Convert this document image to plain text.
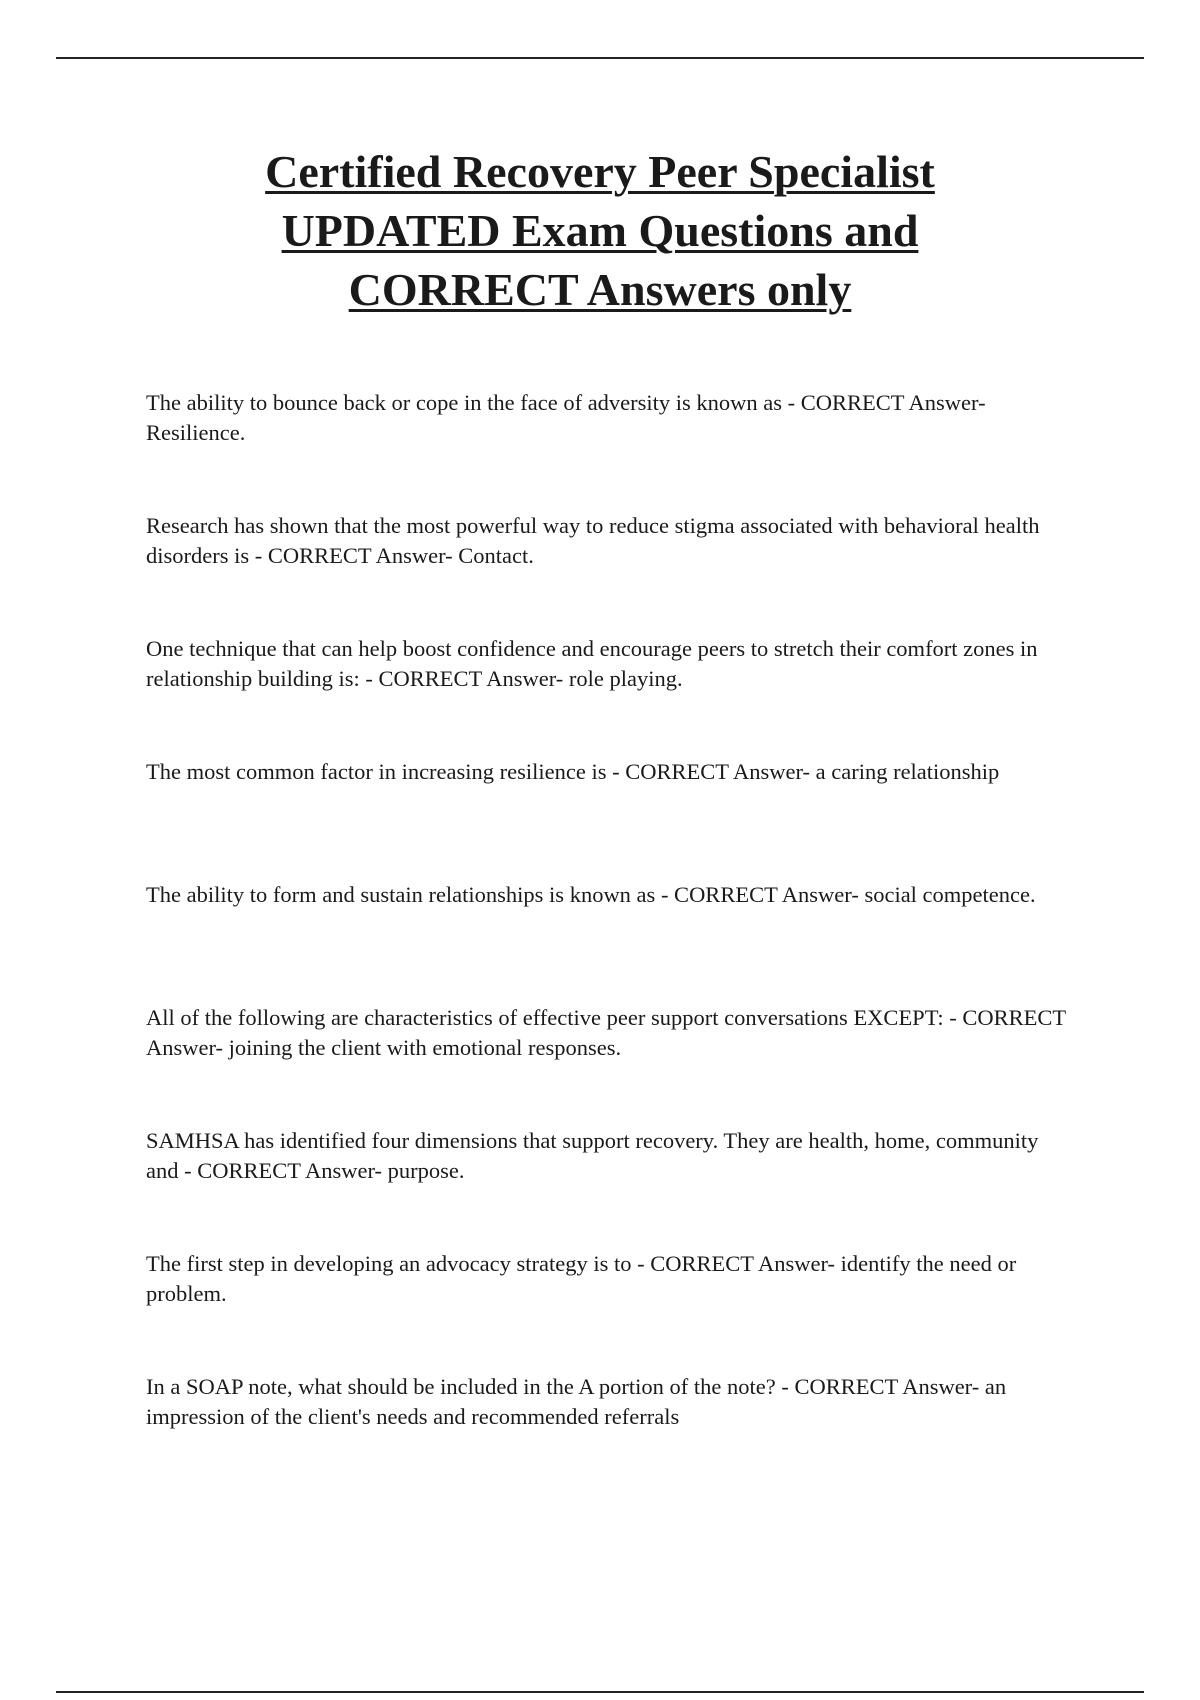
Certified Recovery Peer Specialist
UPDATED Exam Questions and
CORRECT Answers only

The ability to bounce back or cope in the face of adversity is known as - CORRECT Answer- Resilience.

Research has shown that the most powerful way to reduce stigma associated with behavioral health disorders is - CORRECT Answer- Contact.

One technique that can help boost confidence and encourage peers to stretch their comfort zones in relationship building is: - CORRECT Answer- role playing.

The most common factor in increasing resilience is - CORRECT Answer- a caring relationship

The ability to form and sustain relationships is known as - CORRECT Answer- social competence.

All of the following are characteristics of effective peer support conversations EXCEPT: - CORRECT Answer- joining the client with emotional responses.

SAMHSA has identified four dimensions that support recovery. They are health, home, community and - CORRECT Answer- purpose.

The first step in developing an advocacy strategy is to - CORRECT Answer- identify the need or problem.

In a SOAP note, what should be included in the A portion of the note? - CORRECT Answer- an impression of the client's needs and recommended referrals
